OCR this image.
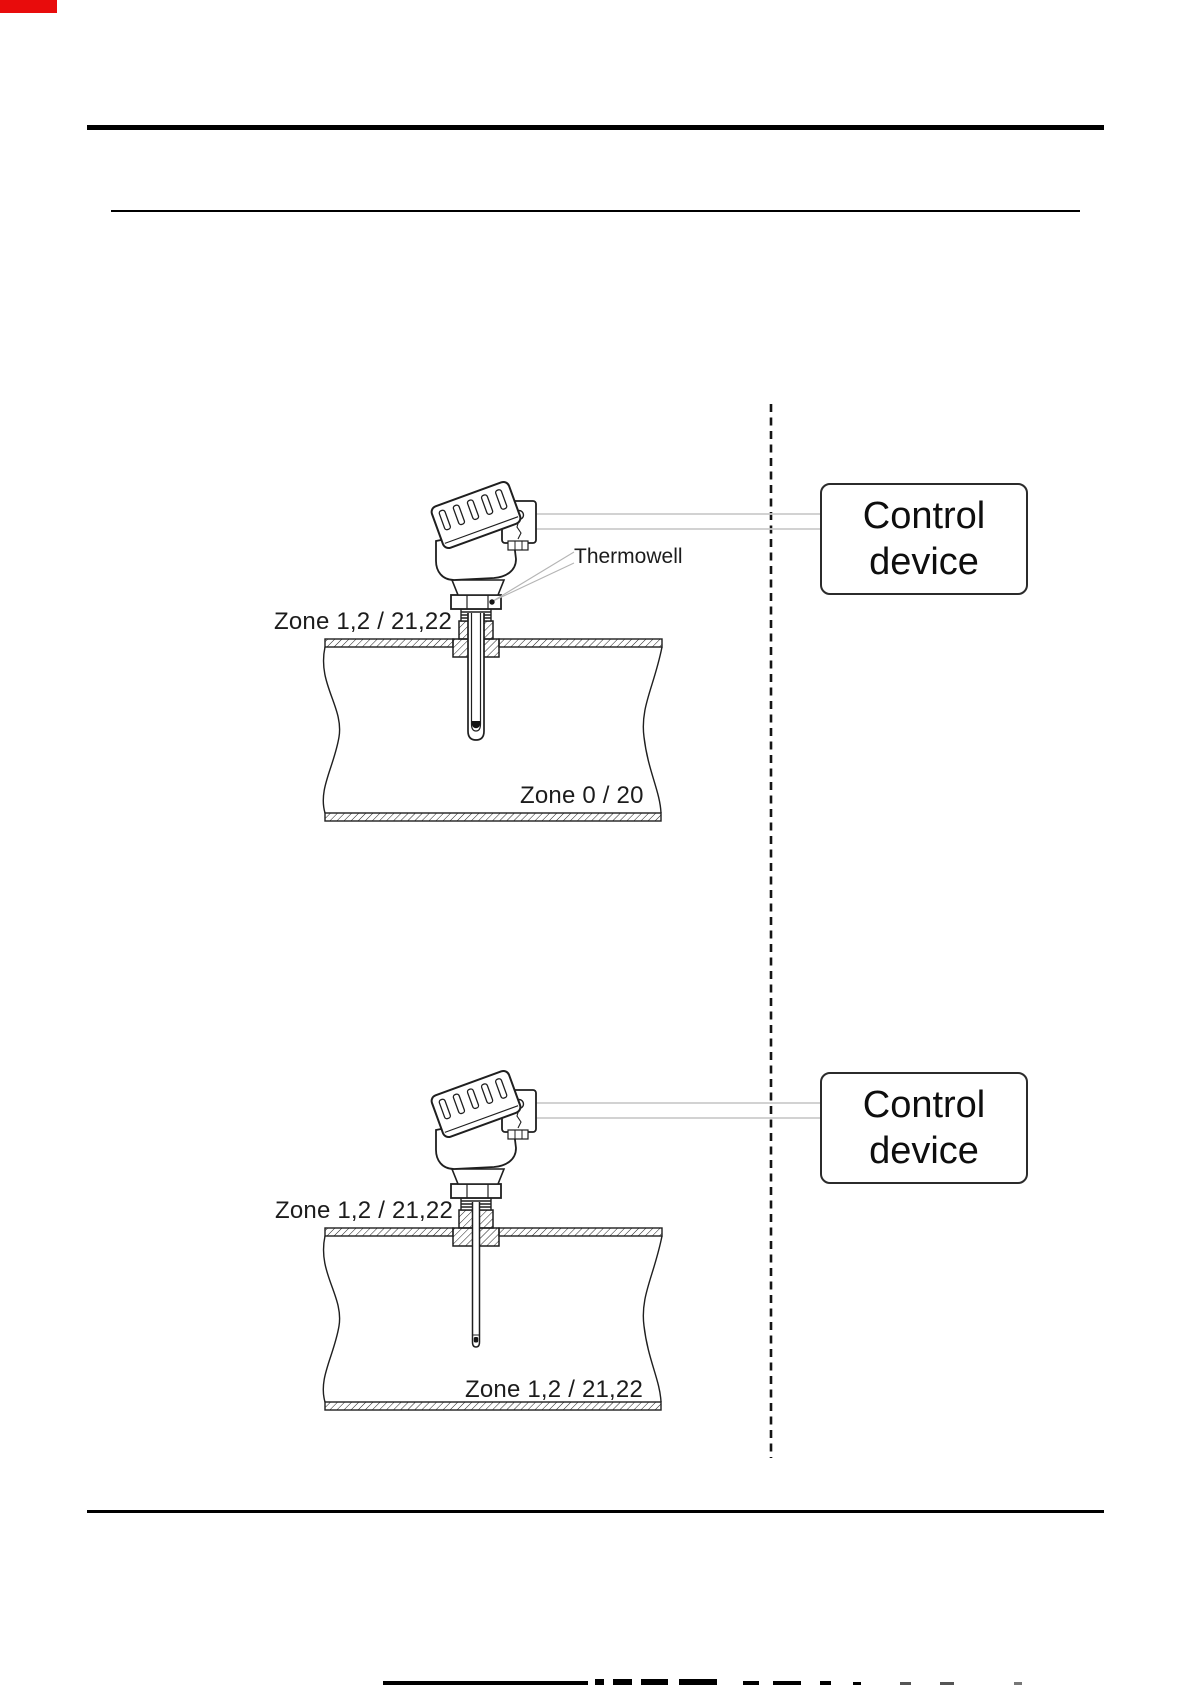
Zone 1,2 / 21,22
Thermowell
Zone 0 / 20
Control
device
Zone 1,2 / 21,22
Zone 1,2 / 21,22
Control
device
